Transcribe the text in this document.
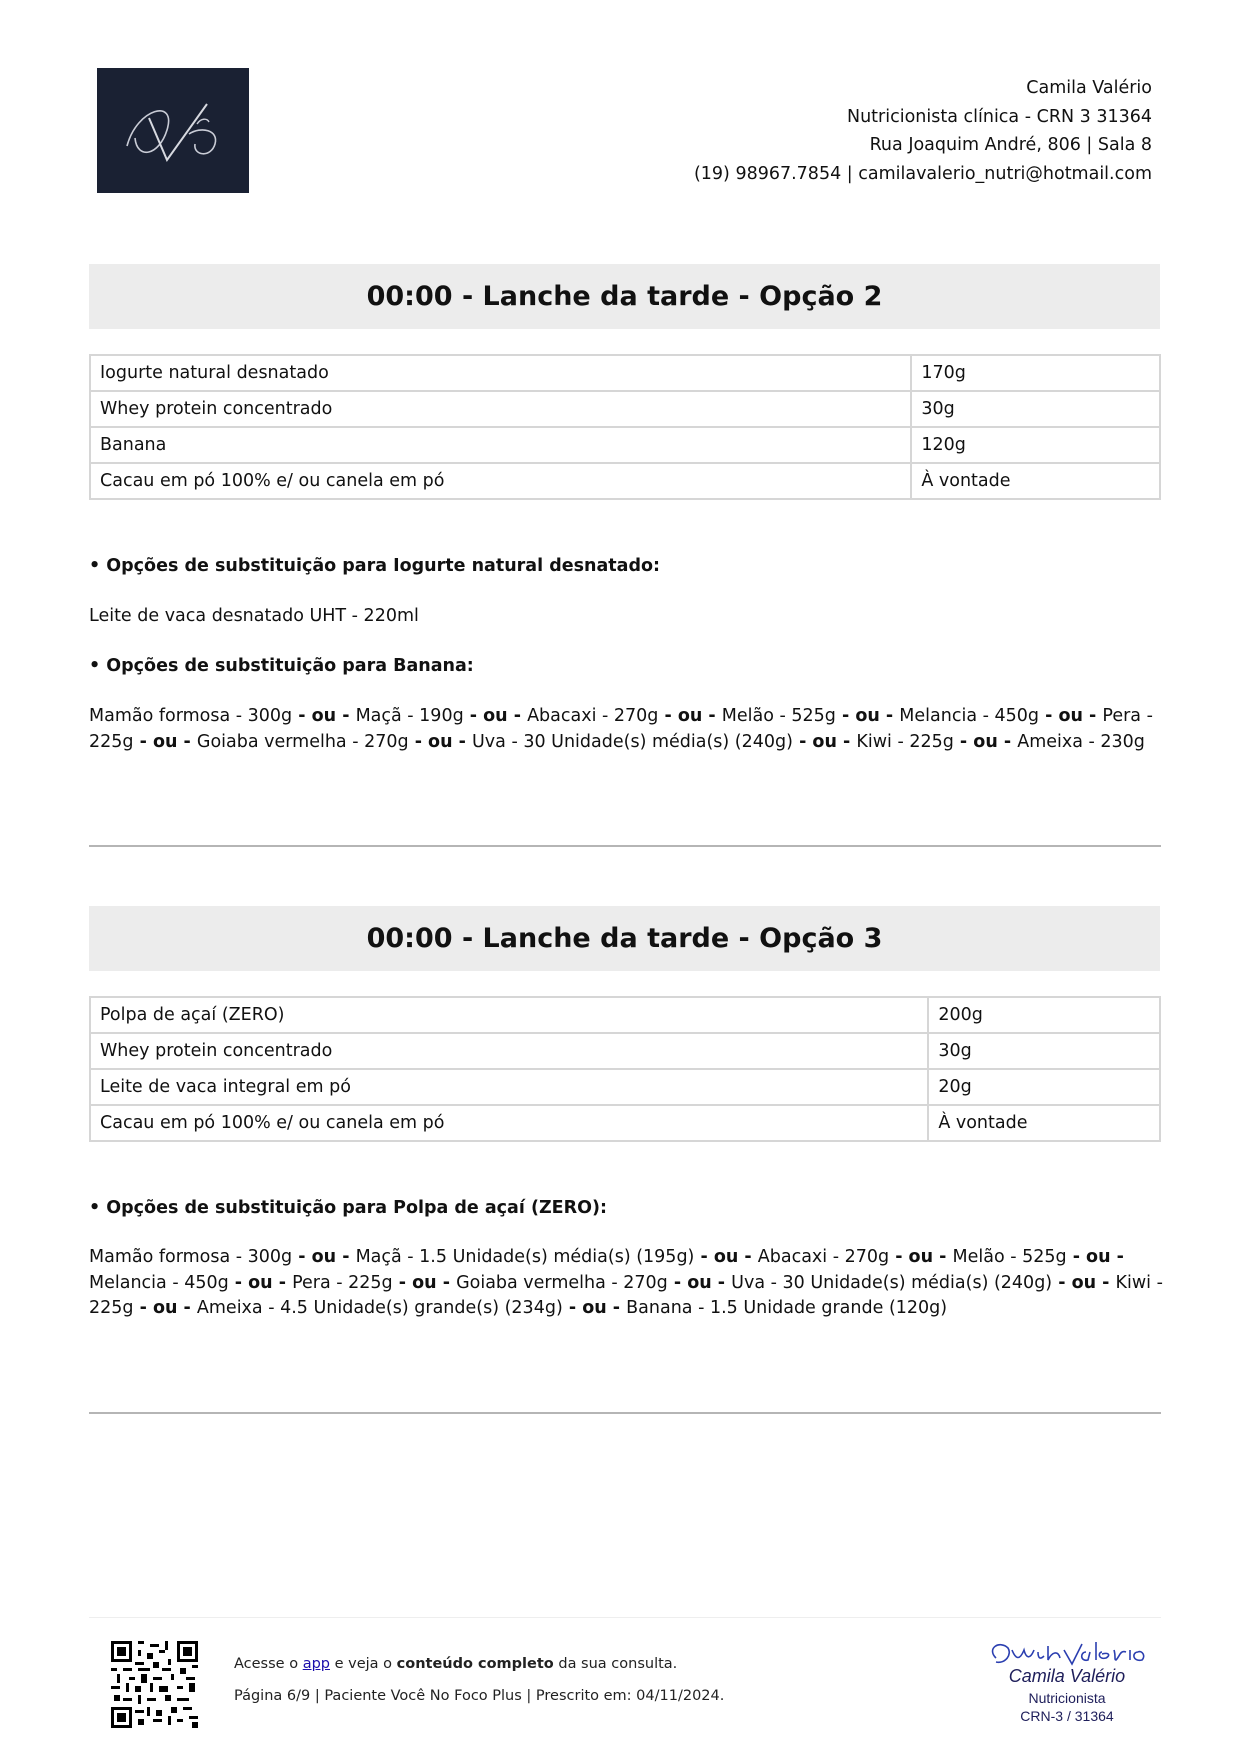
Camila Valério
Nutricionista clínica - CRN 3 31364
Rua Joaquim André, 806 | Sala 8
(19) 98967.7854 | camilavalerio_nutri@hotmail.com
00:00 - Lanche da tarde - Opção 2
Iogurte natural desnatado	170g
Whey protein concentrado	30g
Banana	120g
Cacau em pó 100% e/ ou canela em pó	À vontade
• Opções de substituição para Iogurte natural desnatado:
Leite de vaca desnatado UHT - 220ml
• Opções de substituição para Banana:
Mamão formosa - 300g - ou - Maçã - 190g - ou - Abacaxi - 270g - ou - Melão - 525g - ou - Melancia - 450g - ou - Pera - 225g - ou - Goiaba vermelha - 270g - ou - Uva - 30 Unidade(s) média(s) (240g) - ou - Kiwi - 225g - ou - Ameixa - 230g
00:00 - Lanche da tarde - Opção 3
Polpa de açaí (ZERO)	200g
Whey protein concentrado	30g
Leite de vaca integral em pó	20g
Cacau em pó 100% e/ ou canela em pó	À vontade
• Opções de substituição para Polpa de açaí (ZERO):
Mamão formosa - 300g - ou - Maçã - 1.5 Unidade(s) média(s) (195g) - ou - Abacaxi - 270g - ou - Melão - 525g - ou - Melancia - 450g - ou - Pera - 225g - ou - Goiaba vermelha - 270g - ou - Uva - 30 Unidade(s) média(s) (240g) - ou - Kiwi - 225g - ou - Ameixa - 4.5 Unidade(s) grande(s) (234g) - ou - Banana - 1.5 Unidade grande (120g)
Acesse o app e veja o conteúdo completo da sua consulta.
Página 6/9 | Paciente Você No Foco Plus | Prescrito em: 04/11/2024.
Camila Valério
Nutricionista
CRN-3 / 31364
